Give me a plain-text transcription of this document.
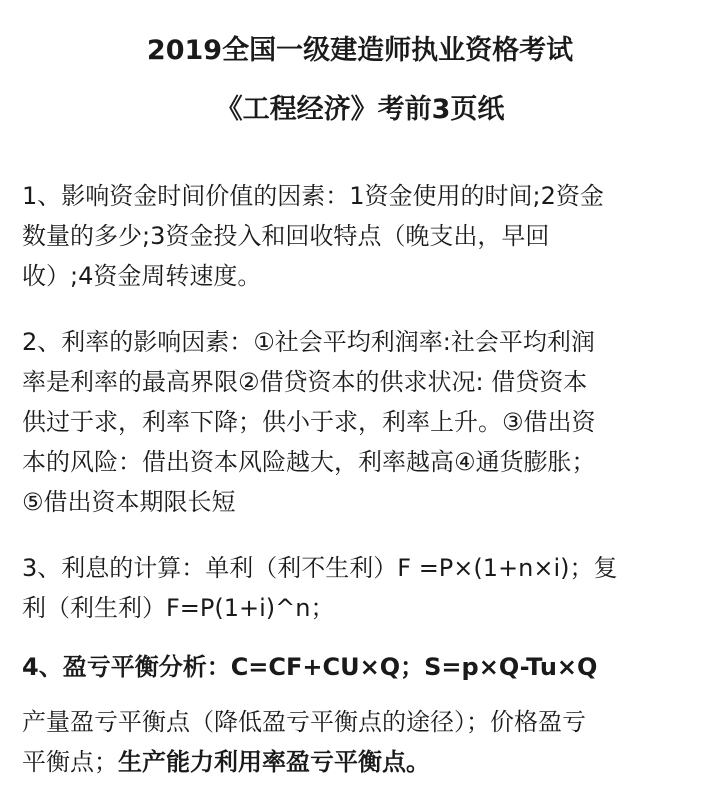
2019全国一级建造师执业资格考试
《工程经济》考前3页纸
1、影响资金时间价值的因素：1资金使用的时间;2资金
数量的多少;3资金投入和回收特点（晚支出，早回
收）;4资金周转速度。
2、利率的影响因素：①社会平均利润率:社会平均利润
率是利率的最高界限②借贷资本的供求状况: 借贷资本
供过于求，利率下降；供小于求，利率上升。③借出资
本的风险：借出资本风险越大，利率越高④通货膨胀；
⑤借出资本期限长短
3、利息的计算：单利（利不生利）F =P×(1+n×i)；复
利（利生利）F=P(1+i)^n；
4、盈亏平衡分析：C=CF+CU×Q；S=p×Q-Tu×Q
产量盈亏平衡点（降低盈亏平衡点的途径）；价格盈亏
平衡点；生产能力利用率盈亏平衡点。
